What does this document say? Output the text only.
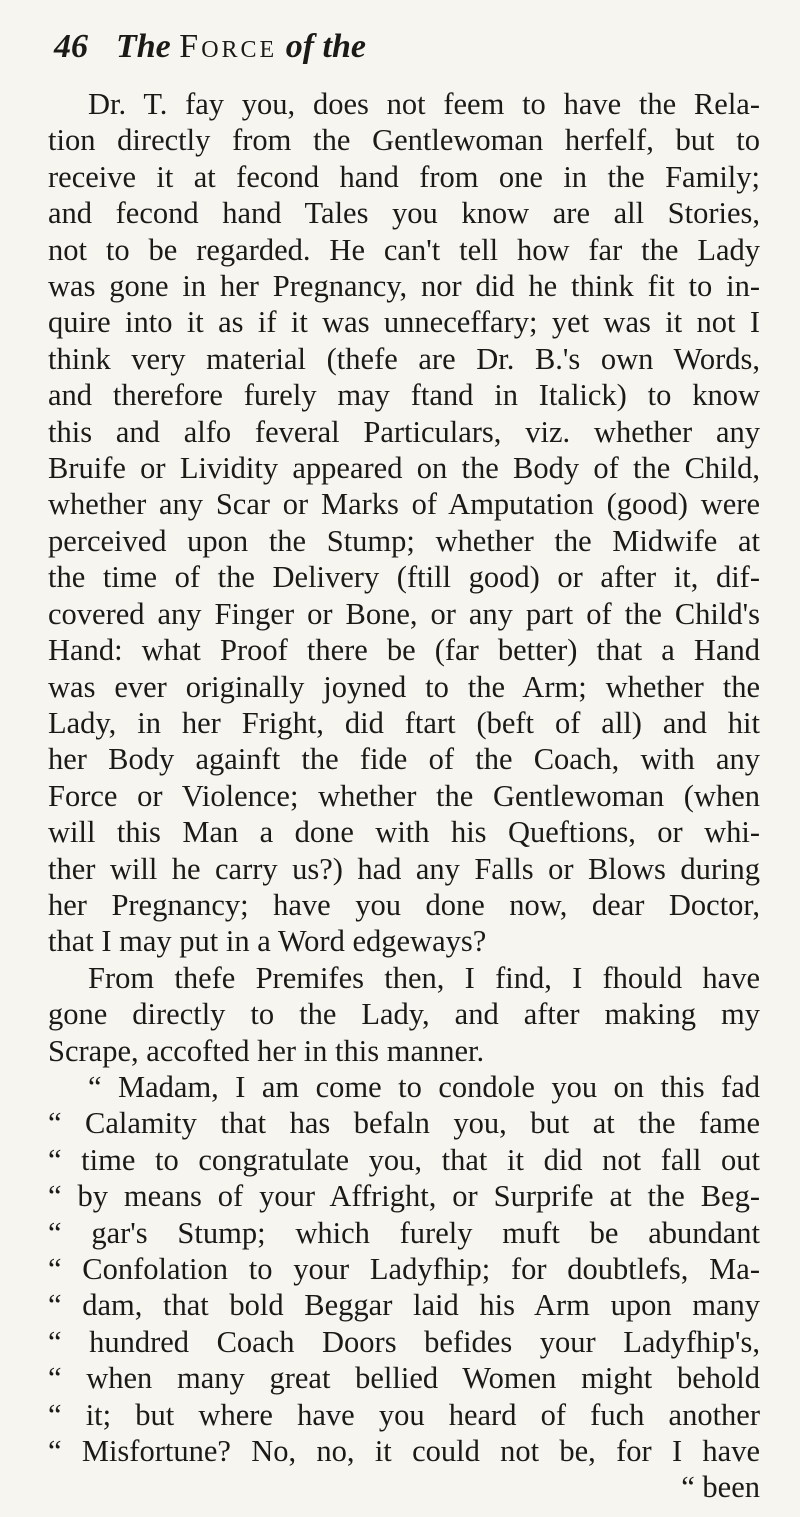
46 The Force of the
Dr. T. fay you, does not feem to have the Rela-
tion directly from the Gentlewoman herfelf, but to
receive it at fecond hand from one in the Family;
and fecond hand Tales you know are all Stories,
not to be regarded. He can't tell how far the Lady
was gone in her Pregnancy, nor did he think fit to in-
quire into it as if it was unneceffary; yet was it not I
think very material (thefe are Dr. B.'s own Words,
and therefore furely may ftand in Italick) to know
this and alfo feveral Particulars, viz. whether any
Bruife or Lividity appeared on the Body of the Child,
whether any Scar or Marks of Amputation (good) were
perceived upon the Stump; whether the Midwife at
the time of the Delivery (ftill good) or after it, dif-
covered any Finger or Bone, or any part of the Child's
Hand: what Proof there be (far better) that a Hand
was ever originally joyned to the Arm; whether the
Lady, in her Fright, did ftart (beft of all) and hit
her Body againft the fide of the Coach, with any
Force or Violence; whether the Gentlewoman (when
will this Man a done with his Queftions, or whi-
ther will he carry us?) had any Falls or Blows during
her Pregnancy; have you done now, dear Doctor,
that I may put in a Word edgeways?
From thefe Premifes then, I find, I fhould have
gone directly to the Lady, and after making my
Scrape, accofted her in this manner.
“ Madam, I am come to condole you on this fad
“ Calamity that has befaln you, but at the fame
“ time to congratulate you, that it did not fall out
“ by means of your Affright, or Surprife at the Beg-
“ gar's Stump; which furely muft be abundant
“ Confolation to your Ladyfhip; for doubtlefs, Ma-
“ dam, that bold Beggar laid his Arm upon many
“ hundred Coach Doors befides your Ladyfhip's,
“ when many great bellied Women might behold
“ it; but where have you heard of fuch another
“ Misfortune? No, no, it could not be, for I have
“ been
